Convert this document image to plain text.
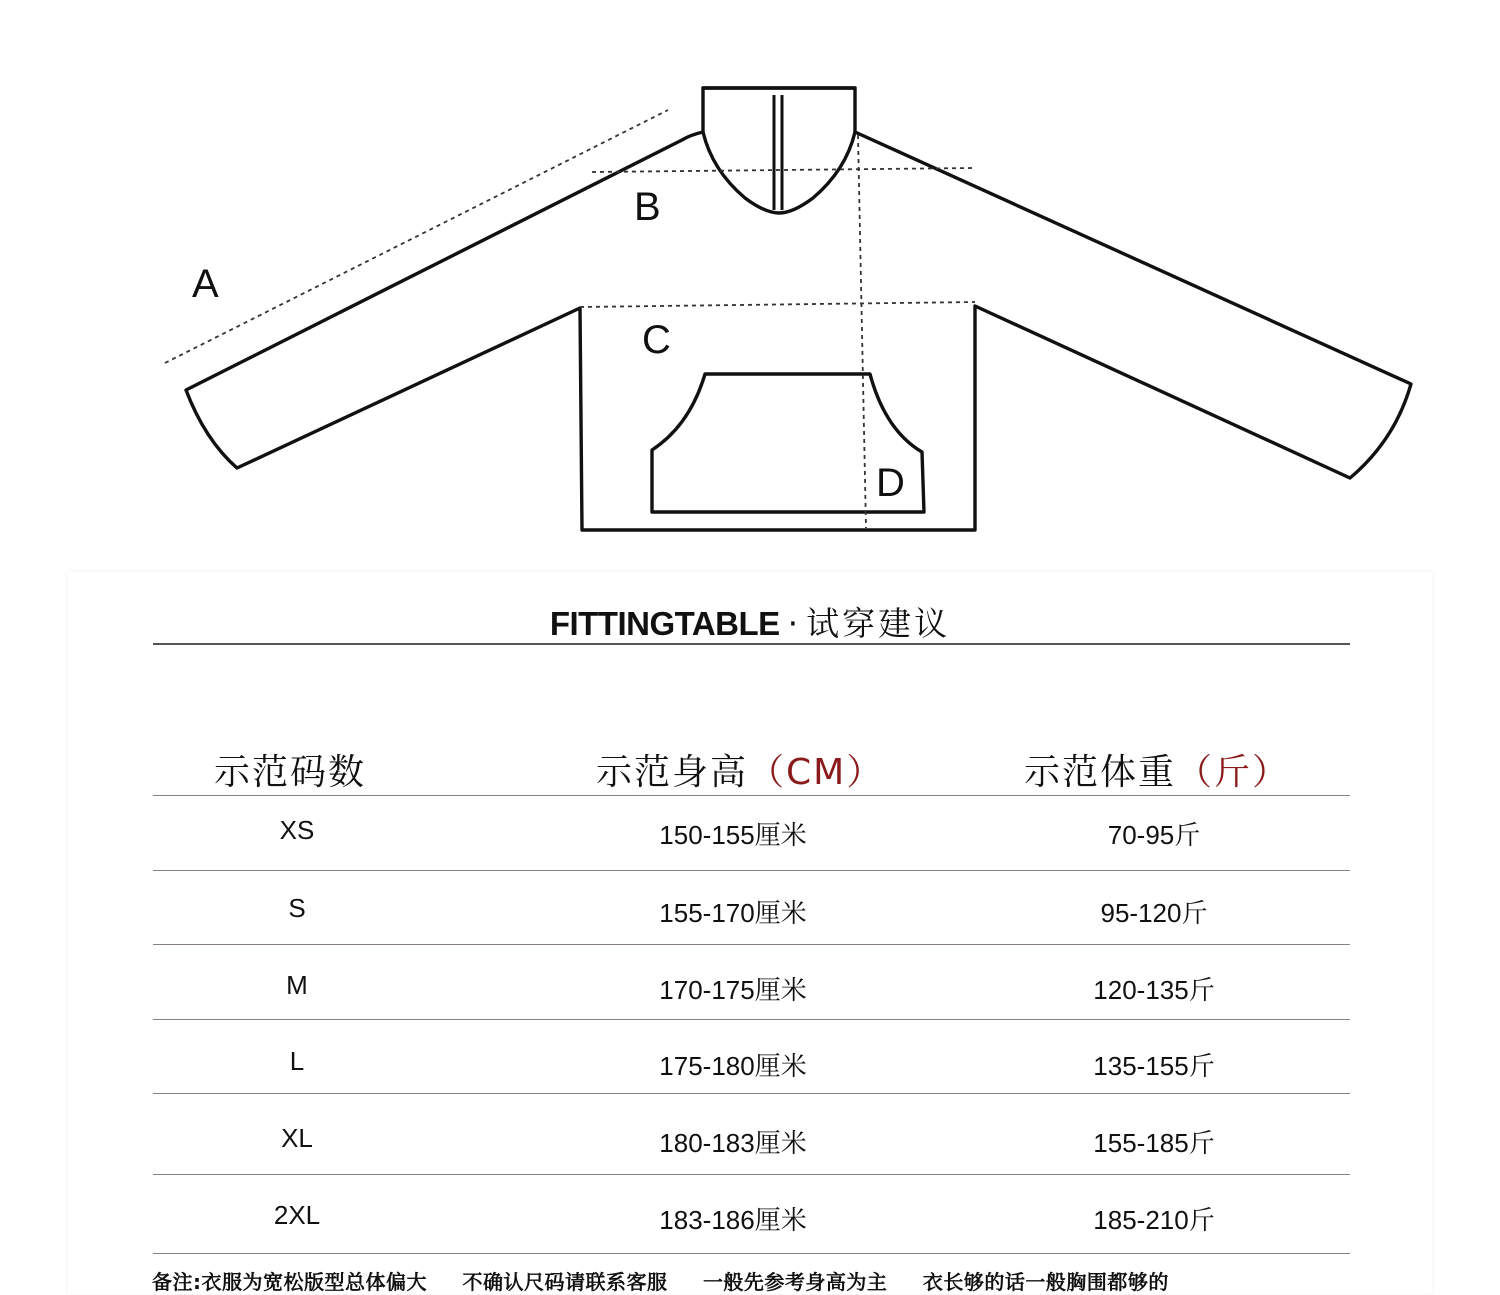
A
B
C
D
FITTINGTABLE · 试穿建议
示范码数	示范身高（CM）	示范体重（斤）
XS	150-155厘米	70-95斤
S	155-170厘米	95-120斤
M	170-175厘米	120-135斤
L	175-180厘米	135-155斤
XL	180-183厘米	155-185斤
2XL	183-186厘米	185-210斤
备注:衣服为宽松版型总体偏大 不确认尺码请联系客服 一般先参考身高为主 衣长够的话一般胸围都够的
